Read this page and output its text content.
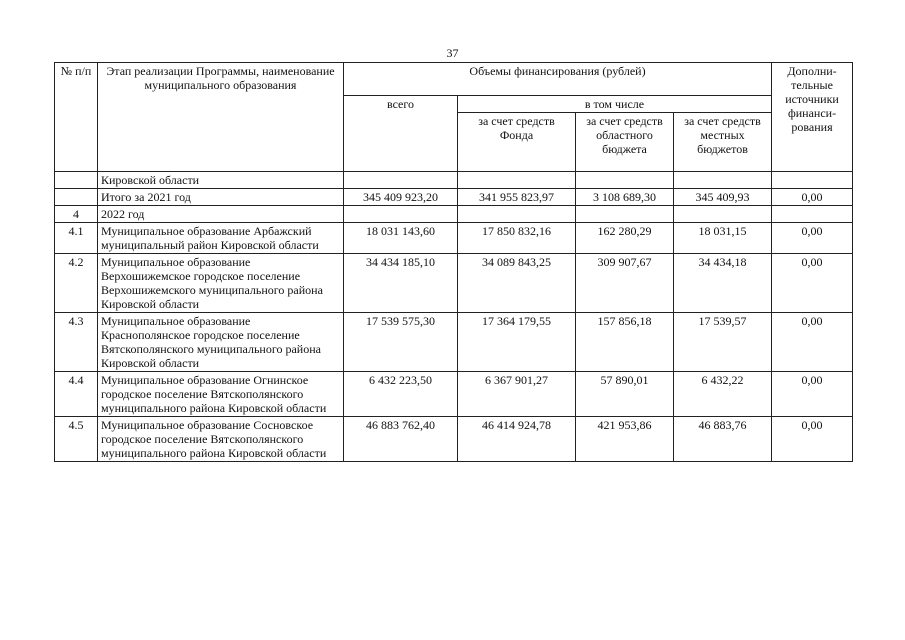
37
№ п/п	Этап реализации Программы, наименование муниципального образования	Объемы финансирования (рублей)				Дополни-тельные источники финанси-рования
		всего	в том числе			
			за счет средств Фонда	за счет средств областного бюджета	за счет средств местных бюджетов	
	Кировской области					
	Итого за 2021 год	345 409 923,20	341 955 823,97	3 108 689,30	345 409,93	0,00
4	2022 год					
4.1	Муниципальное образование Арбажский муниципальный район Кировской области	18 031 143,60	17 850 832,16	162 280,29	18 031,15	0,00
4.2	Муниципальное образование Верхошижемское городское поселение Верхошижемского муниципального района Кировской области	34 434 185,10	34 089 843,25	309 907,67	34 434,18	0,00
4.3	Муниципальное образование Краснополянское городское поселение Вятскополянского муниципального района Кировской области	17 539 575,30	17 364 179,55	157 856,18	17 539,57	0,00
4.4	Муниципальное образование Огнинское городское поселение Вятскополянского муниципального района Кировской области	6 432 223,50	6 367 901,27	57 890,01	6 432,22	0,00
4.5	Муниципальное образование Сосновское городское поселение Вятскополянского муниципального района Кировской области	46 883 762,40	46 414 924,78	421 953,86	46 883,76	0,00
